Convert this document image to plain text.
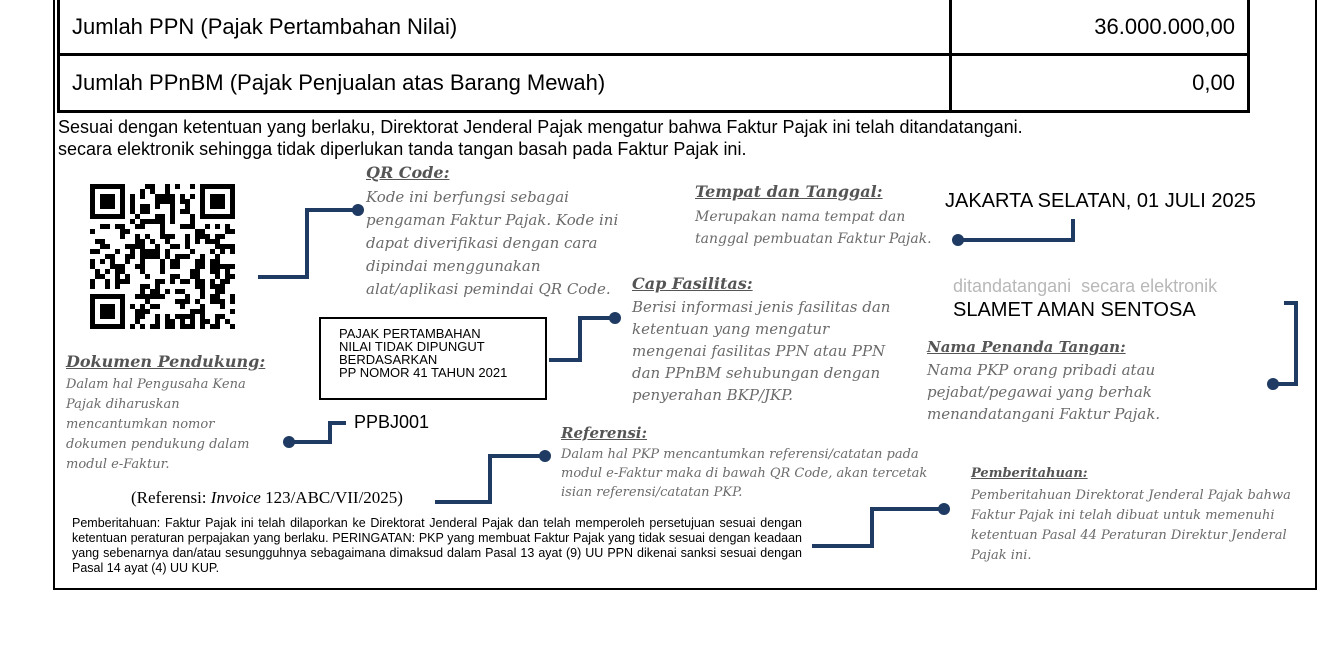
Jumlah PPN (Pajak Pertambahan Nilai)	36.000.000,00
Jumlah PPnBM (Pajak Penjualan atas Barang Mewah)	0,00
Sesuai dengan ketentuan yang berlaku, Direktorat Jenderal Pajak mengatur bahwa Faktur Pajak ini telah ditandatangani.
secara elektronik sehingga tidak diperlukan tanda tangan basah pada Faktur Pajak ini.
QR Code:
Kode ini berfungsi sebagai pengaman Faktur Pajak. Kode ini dapat diverifikasi dengan cara dipindai menggunakan alat/aplikasi pemindai QR Code.
Tempat dan Tanggal:
Merupakan nama tempat dan tanggal pembuatan Faktur Pajak.
JAKARTA SELATAN, 01 JULI 2025
ditandatangani  secara elektronik
SLAMET AMAN SENTOSA
Cap Fasilitas:
Berisi informasi jenis fasilitas dan ketentuan yang mengatur mengenai fasilitas PPN atau PPN dan PPnBM sehubungan dengan penyerahan BKP/JKP.
PAJAK PERTAMBAHAN
NILAI TIDAK DIPUNGUT
BERDASARKAN
PP NOMOR 41 TAHUN 2021
Nama Penanda Tangan:
Nama PKP orang pribadi atau pejabat/pegawai yang berhak menandatangani Faktur Pajak.
Dokumen Pendukung:
Dalam hal Pengusaha Kena Pajak diharuskan mencantumkan nomor dokumen pendukung dalam modul e-Faktur.
PPBJ001
Referensi:
Dalam hal PKP mencantumkan referensi/catatan pada modul e-Faktur maka di bawah QR Code, akan tercetak isian referensi/catatan PKP.
(Referensi: Invoice 123/ABC/VII/2025)
Pemberitahuan:
Pemberitahuan Direktorat Jenderal Pajak bahwa Faktur Pajak ini telah dibuat untuk memenuhi ketentuan Pasal 44 Peraturan Direktur Jenderal Pajak ini.
Pemberitahuan: Faktur Pajak ini telah dilaporkan ke Direktorat Jenderal Pajak dan telah memperoleh persetujuan sesuai dengan ketentuan peraturan perpajakan yang berlaku. PERINGATAN: PKP yang membuat Faktur Pajak yang tidak sesuai dengan keadaan yang sebenarnya dan/atau sesungguhnya sebagaimana dimaksud dalam Pasal 13 ayat (9) UU PPN dikenai sanksi sesuai dengan Pasal 14 ayat (4) UU KUP.
